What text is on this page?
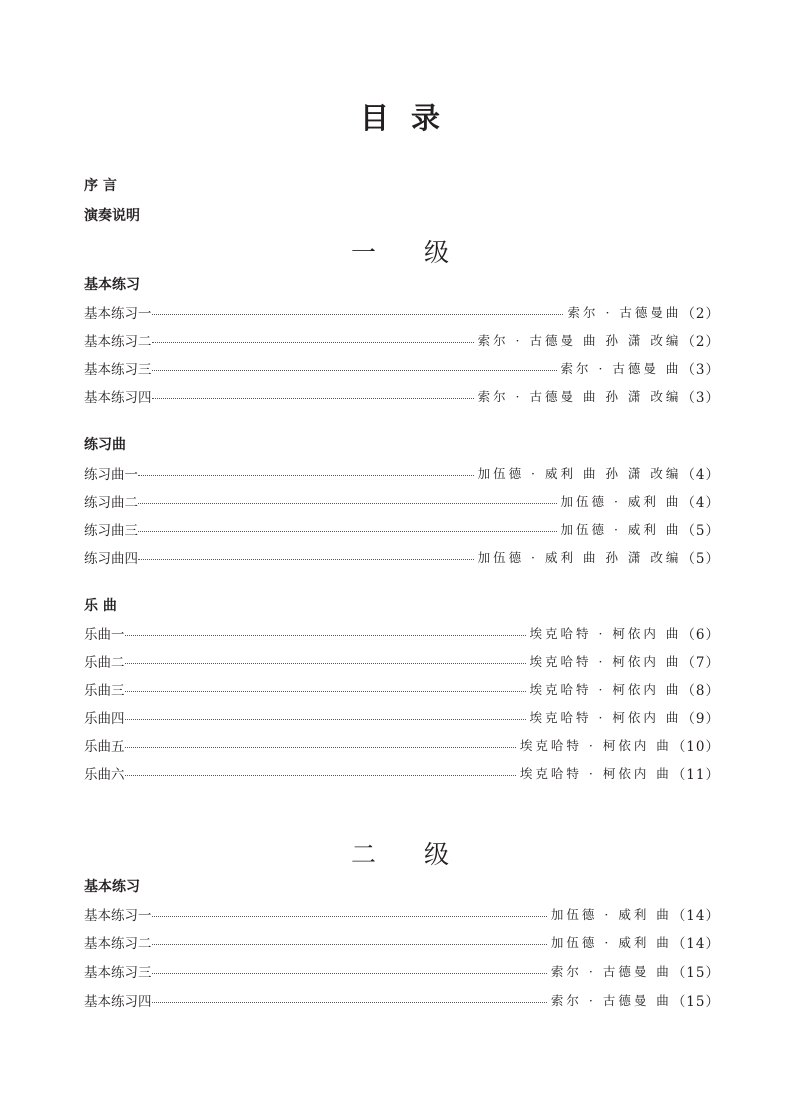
目录
序 言
演奏说明
一 级
基本练习
基本练习一	索尔 · 古德曼曲 （2）
基本练习二	索尔 · 古德曼 曲 孙 潇 改编 （2）
基本练习三	索尔 · 古德曼 曲 （3）
基本练习四	索尔 · 古德曼 曲 孙 潇 改编 （3）
练习曲
练习曲一	加伍德 · 威利 曲 孙 潇 改编 （4）
练习曲二	加伍德 · 威利 曲 （4）
练习曲三	加伍德 · 威利 曲 （5）
练习曲四	加伍德 · 威利 曲 孙 潇 改编 （5）
乐 曲
乐曲一	埃克哈特 · 柯依内 曲 （6）
乐曲二	埃克哈特 · 柯依内 曲 （7）
乐曲三	埃克哈特 · 柯依内 曲 （8）
乐曲四	埃克哈特 · 柯依内 曲 （9）
乐曲五	埃克哈特 · 柯依内 曲 （10）
乐曲六	埃克哈特 · 柯依内 曲 （11）
二 级
基本练习
基本练习一	加伍德 · 威利 曲 （14）
基本练习二	加伍德 · 威利 曲 （14）
基本练习三	索尔 · 古德曼 曲 （15）
基本练习四	索尔 · 古德曼 曲 （15）
